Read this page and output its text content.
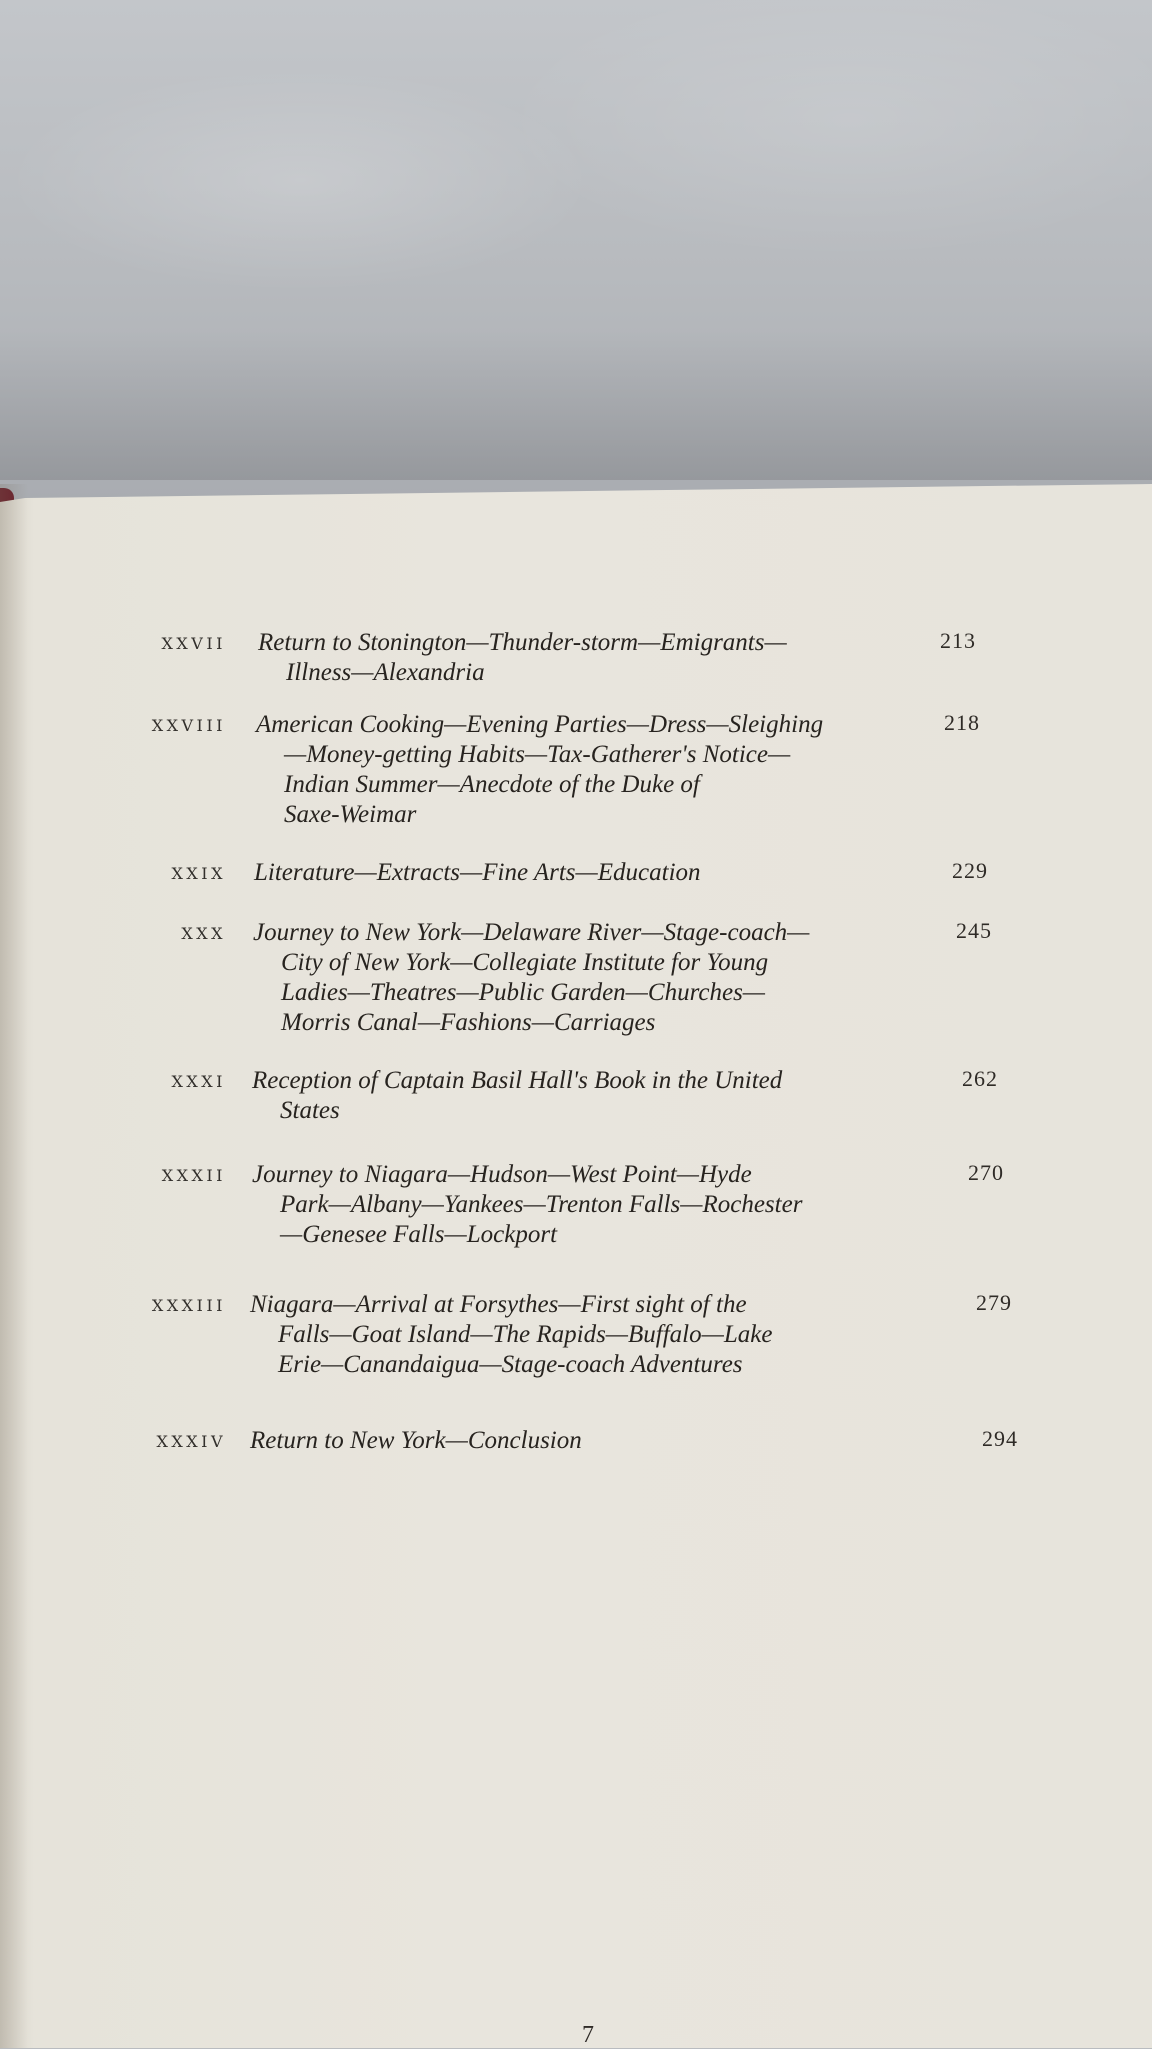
XXVII Return to Stonington—Thunder-storm—Emigrants—
Illness—Alexandria
213
XXVIII American Cooking—Evening Parties—Dress—Sleighing
—Money-getting Habits—Tax-Gatherer's Notice—
Indian Summer—Anecdote of the Duke of
Saxe-Weimar
218
XXIX Literature—Extracts—Fine Arts—Education	229
XXX Journey to New York—Delaware River—Stage-coach—
City of New York—Collegiate Institute for Young
Ladies—Theatres—Public Garden—Churches—
Morris Canal—Fashions—Carriages
245
XXXI Reception of Captain Basil Hall's Book in the United
States
262
XXXII Journey to Niagara—Hudson—West Point—Hyde
Park—Albany—Yankees—Trenton Falls—Rochester
—Genesee Falls—Lockport
270
XXXIII Niagara—Arrival at Forsythes—First sight of the
Falls—Goat Island—The Rapids—Buffalo—Lake
Erie—Canandaigua—Stage-coach Adventures
279
XXXIV Return to New York—Conclusion	294
7
